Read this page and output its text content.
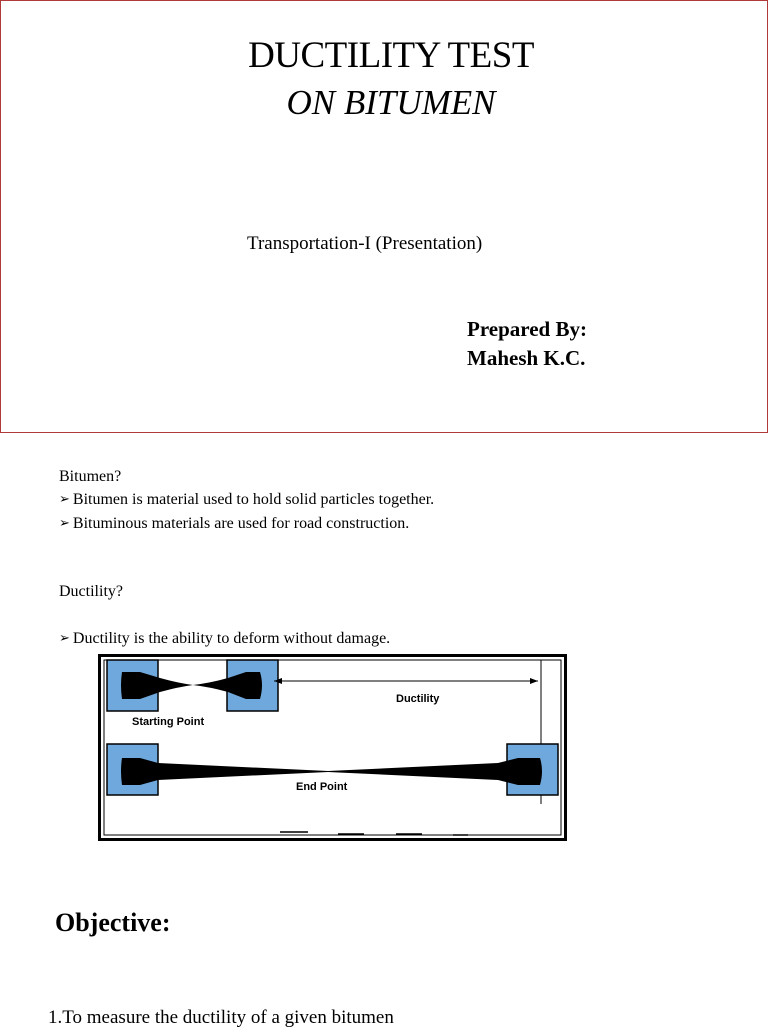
DUCTILITY TEST
ON BITUMEN
Transportation-I (Presentation)
Prepared By:
Mahesh K.C.
Bitumen?
➢ Bitumen is material used to hold solid particles together.
➢ Bituminous materials are used for road construction.
Ductility?
➢ Ductility is the ability to deform without damage.
Ductility
Starting Point
End Point
Objective:
1.To measure the ductility of a given bitumen
